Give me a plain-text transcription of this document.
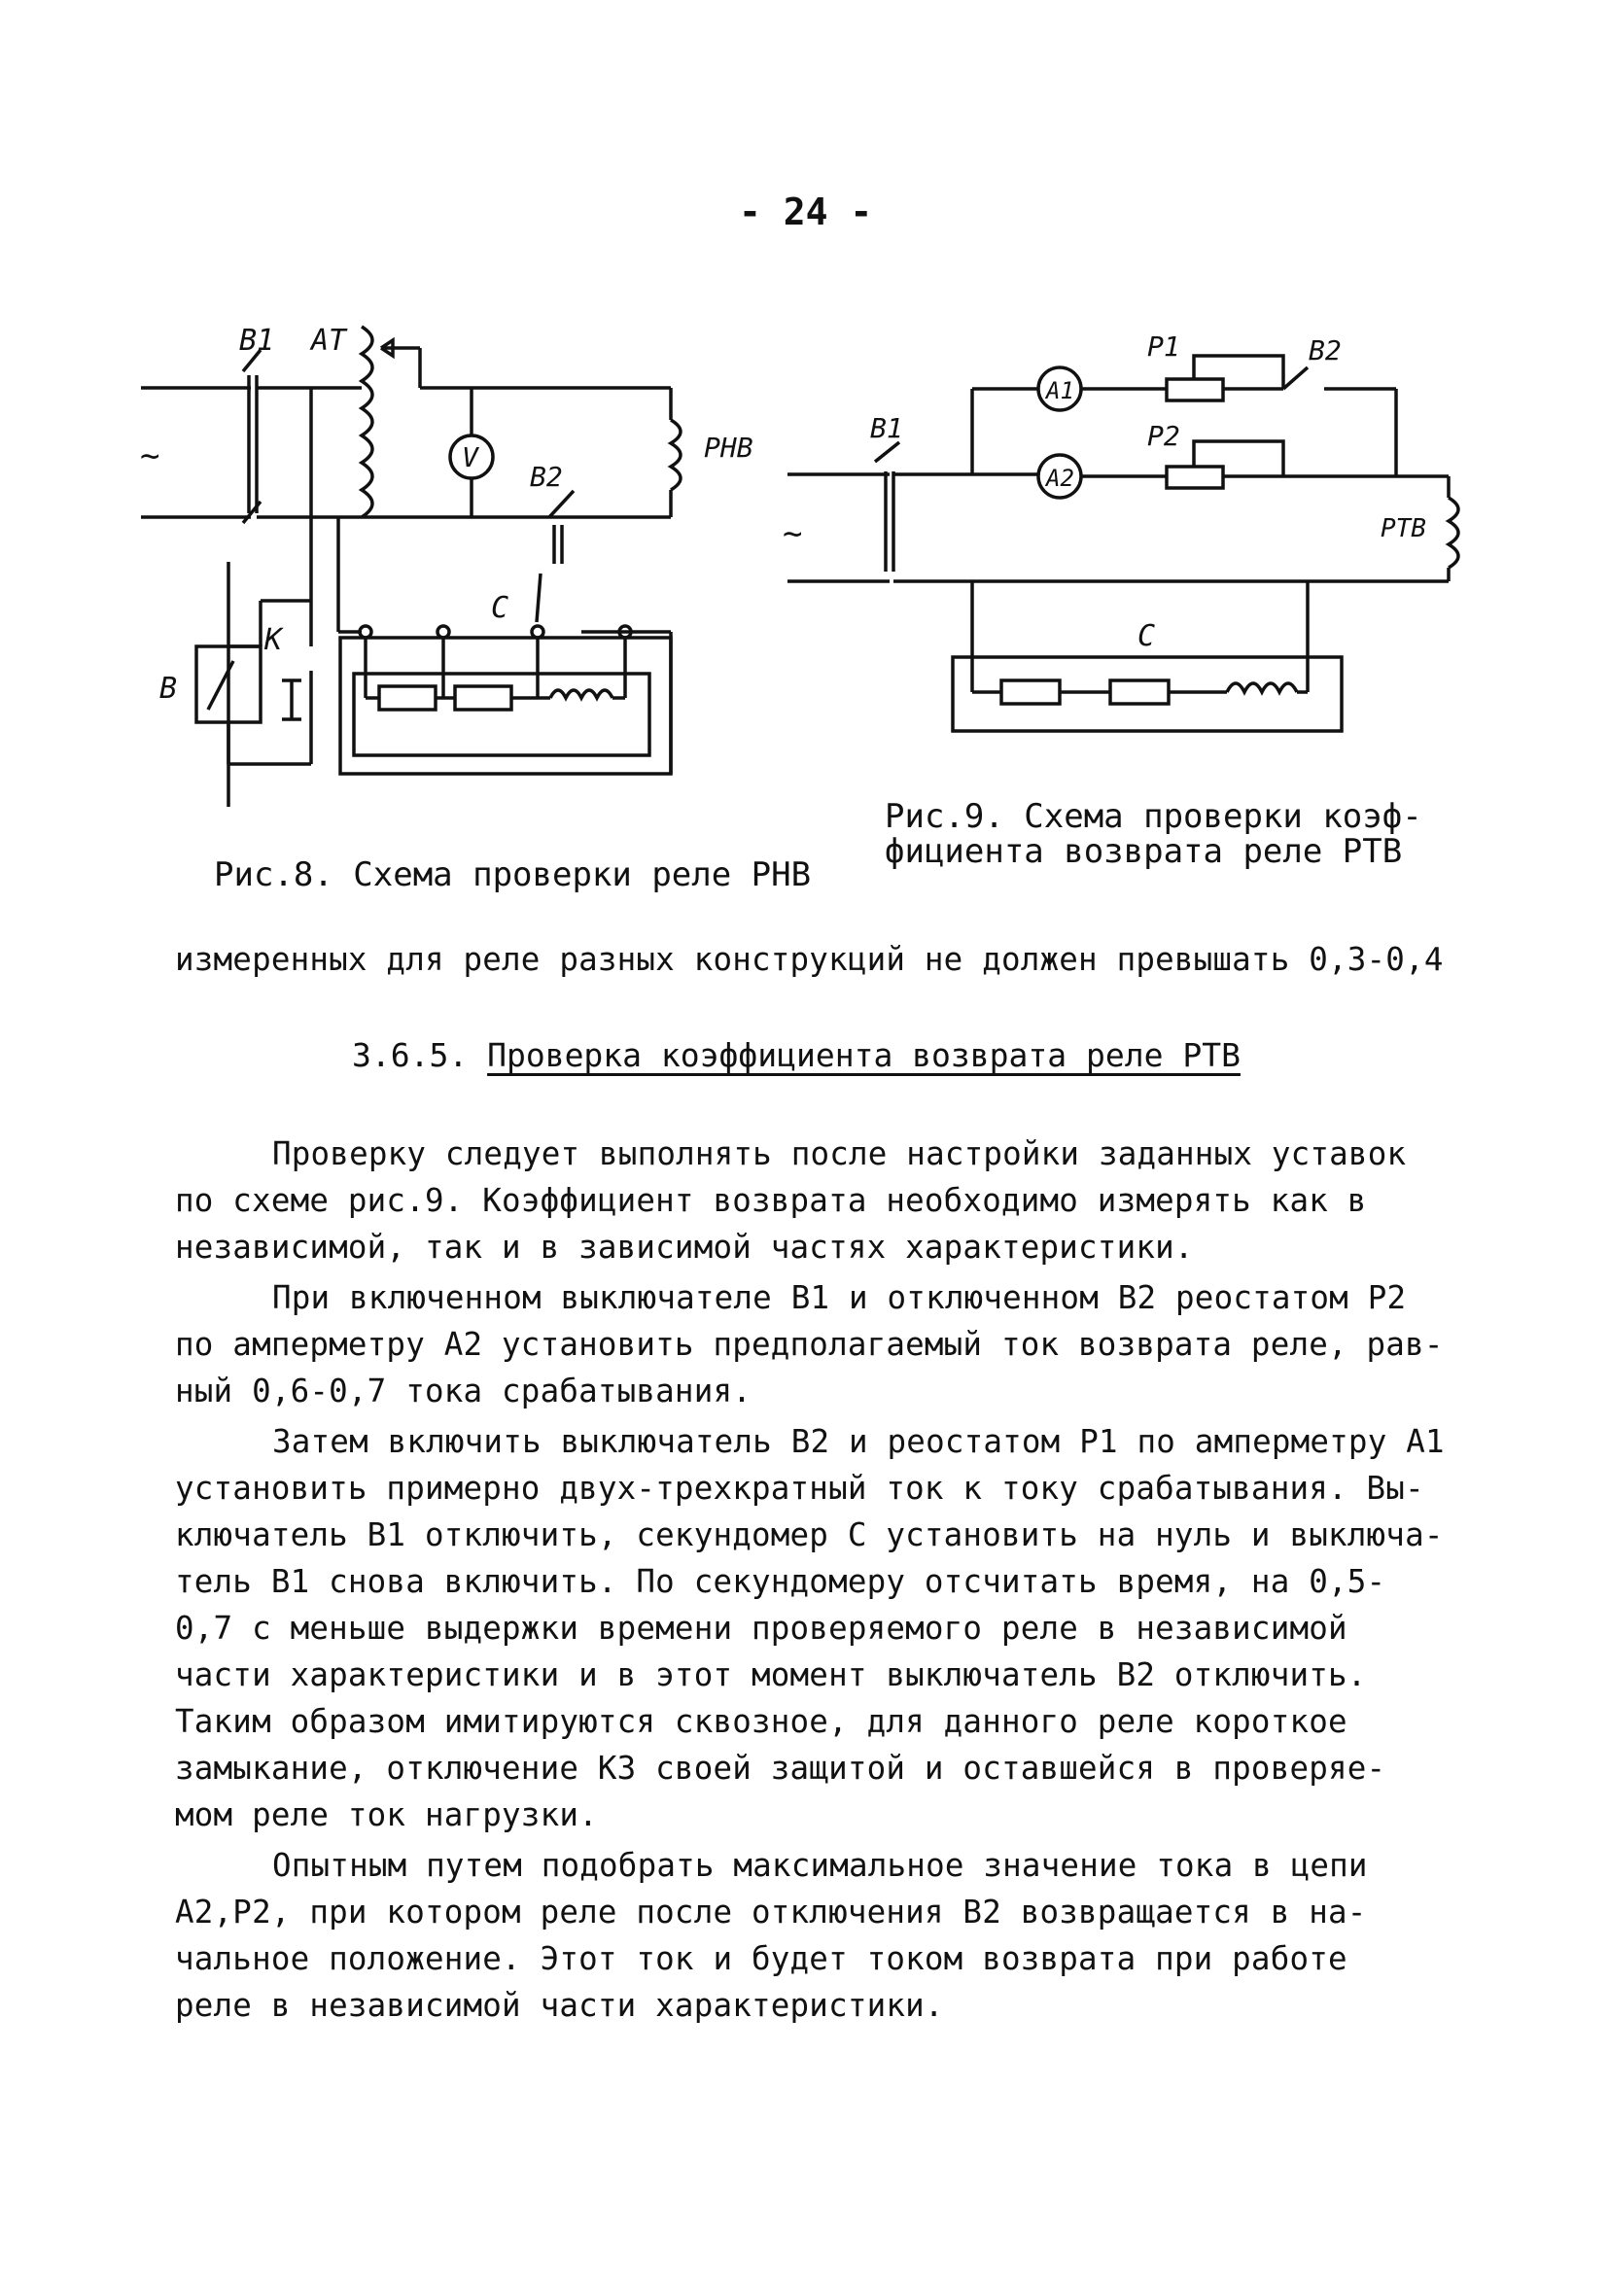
- 24 -
B1 AT
PHB
V
B2
C
K
B
~
P1	B2
B1
A1
P2
A2
PTB
C
~
Рис.9. Схема проверки коэф-
фициента возврата реле РТВ
Рис.8. Схема проверки реле РНВ
измеренных для реле разных конструкций не должен превышать 0,3-0,4
3.6.5. Проверка коэффициента возврата реле РТВ
Проверку следует выполнять после настройки заданных уставок
по схеме рис.9. Коэффициент возврата необходимо измерять как в
независимой, так и в зависимой частях характеристики.
При включенном выключателе B1 и отключенном B2 реостатом P2
по амперметру A2 установить предполагаемый ток возврата реле, рав-
ный 0,6-0,7 тока срабатывания.
Затем включить выключатель B2 и реостатом P1 по амперметру A1
установить примерно двух-трехкратный ток к току срабатывания. Вы-
ключатель B1 отключить, секундомер С установить на нуль и выключа-
тель B1 снова включить. По секундомеру отсчитать время, на 0,5-
0,7 с меньше выдержки времени проверяемого реле в независимой
части характеристики и в этот момент выключатель B2 отключить.
Таким образом имитируются сквозное, для данного реле короткое
замыкание, отключение КЗ своей защитой и оставшейся в проверяе-
мом реле ток нагрузки.
Опытным путем подобрать максимальное значение тока в цепи
A2,P2, при котором реле после отключения B2 возвращается в на-
чальное положение. Этот ток и будет током возврата при работе
реле в независимой части характеристики.
